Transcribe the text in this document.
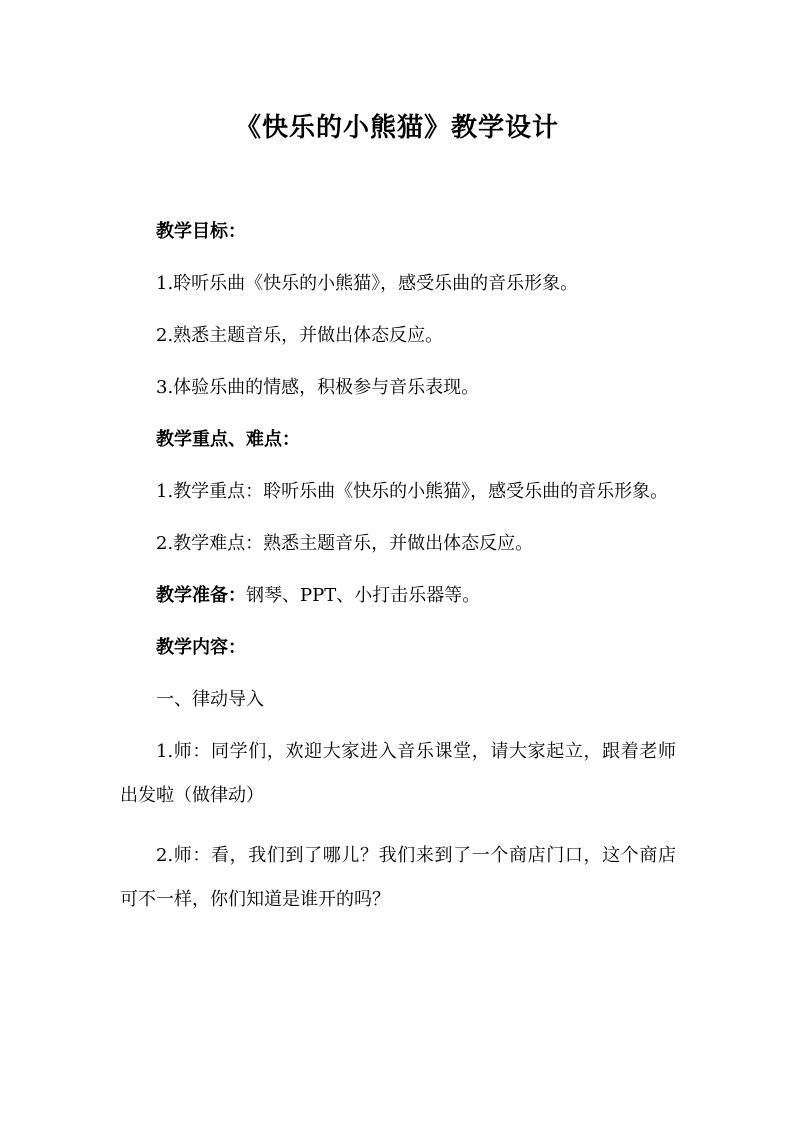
《快乐的小熊猫》教学设计

教学目标：

1.聆听乐曲《快乐的小熊猫》，感受乐曲的音乐形象。

2.熟悉主题音乐，并做出体态反应。

3.体验乐曲的情感，积极参与音乐表现。

教学重点、难点：

1.教学重点：聆听乐曲《快乐的小熊猫》，感受乐曲的音乐形象。

2.教学难点：熟悉主题音乐，并做出体态反应。

教学准备：钢琴、PPT、小打击乐器等。

教学内容：

一、律动导入

1.师：同学们，欢迎大家进入音乐课堂，请大家起立，跟着老师出发啦（做律动）

2.师：看，我们到了哪儿？我们来到了一个商店门口，这个商店可不一样，你们知道是谁开的吗？
